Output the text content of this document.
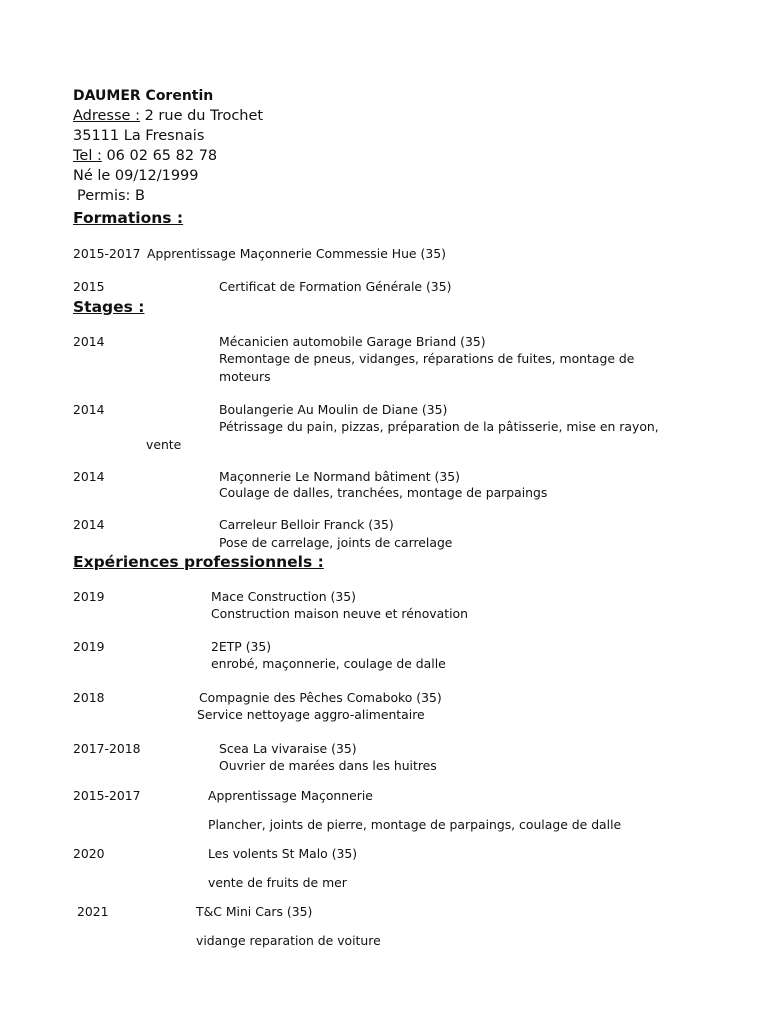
DAUMER Corentin
Adresse : 2 rue du Trochet
35111 La Fresnais
Tel : 06 02 65 82 78
Né le 09/12/1999
Permis: B
Formations :
2015-2017 Apprentissage Maçonnerie Commessie Hue (35)
2015	Certificat de Formation Générale (35)
Stages :
2014	Mécanicien automobile Garage Briand (35)
Remontage de pneus, vidanges, réparations de fuites, montage de
moteurs
2014	Boulangerie Au Moulin de Diane (35)
Pétrissage du pain, pizzas, préparation de la pâtisserie, mise en rayon,
vente
2014	Maçonnerie Le Normand bâtiment (35)
Coulage de dalles, tranchées, montage de parpaings
2014	Carreleur Belloir Franck (35)
Pose de carrelage, joints de carrelage
Expériences professionnels :
2019	Mace Construction (35)
Construction maison neuve et rénovation
2019	2ETP (35)
enrobé, maçonnerie, coulage de dalle
2018	Compagnie des Pêches Comaboko (35)
Service nettoyage aggro-alimentaire
2017-2018	Scea La vivaraise (35)
Ouvrier de marées dans les huitres
2015-2017	Apprentissage Maçonnerie
Plancher, joints de pierre, montage de parpaings, coulage de dalle
2020	Les volents St Malo (35)
vente de fruits de mer
2021	T&C Mini Cars (35)
vidange reparation de voiture
